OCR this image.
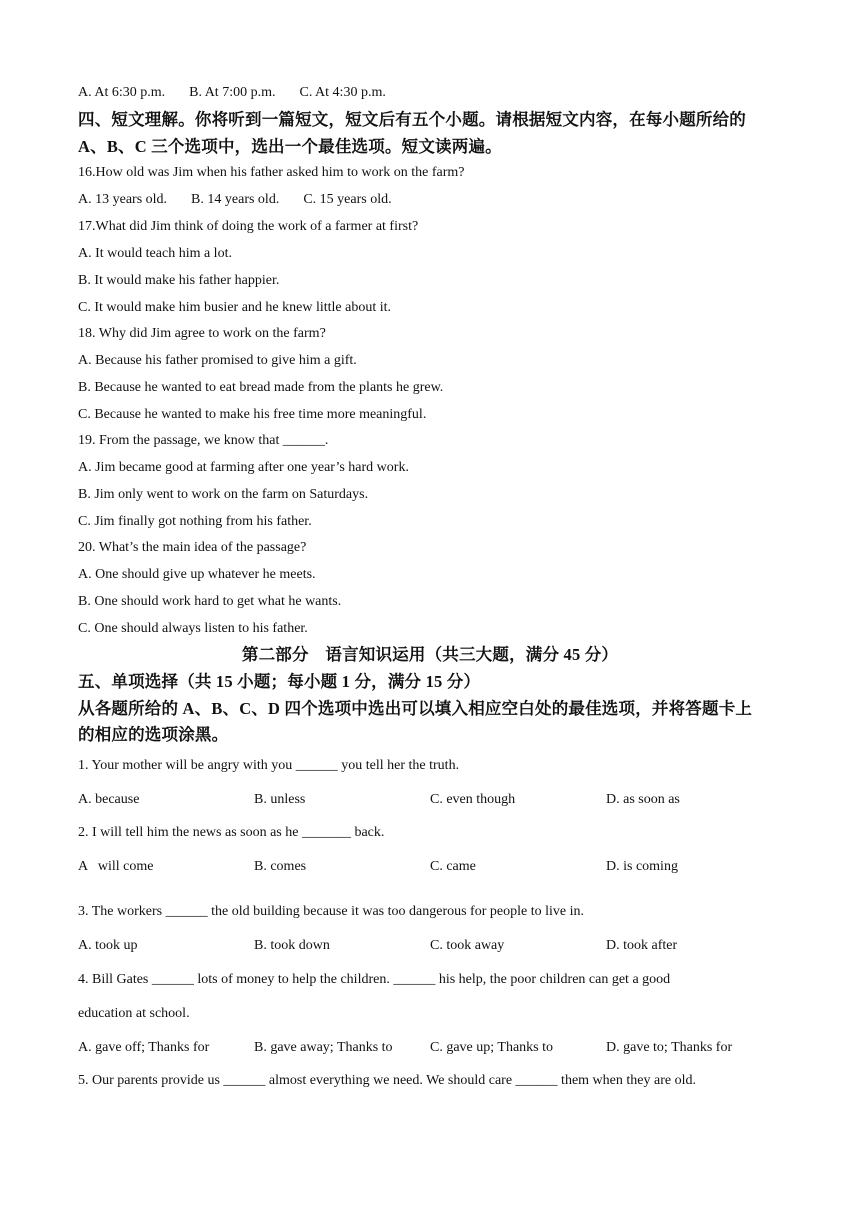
A. At 6:30 p.m. B. At 7:00 p.m. C. At 4:30 p.m.
四、短文理解。你将听到一篇短文，短文后有五个小题。请根据短文内容，在每小题所给的
A、B、C 三个选项中，选出一个最佳选项。短文读两遍。
16.How old was Jim when his father asked him to work on the farm?
A. 13 years old. B. 14 years old. C. 15 years old.
17.What did Jim think of doing the work of a farmer at first?
A. It would teach him a lot.
B. It would make his father happier.
C. It would make him busier and he knew little about it.
18. Why did Jim agree to work on the farm?
A. Because his father promised to give him a gift.
B. Because he wanted to eat bread made from the plants he grew.
C. Because he wanted to make his free time more meaningful.
19. From the passage, we know that ______.
A. Jim became good at farming after one year’s hard work.
B. Jim only went to work on the farm on Saturdays.
C. Jim finally got nothing from his father.
20. What’s the main idea of the passage?
A. One should give up whatever he meets.
B. One should work hard to get what he wants.
C. One should always listen to his father.
第二部分　语言知识运用（共三大题，满分 45 分）
五、单项选择（共 15 小题；每小题 1 分，满分 15 分）
从各题所给的 A、B、C、D 四个选项中选出可以填入相应空白处的最佳选项，并将答题卡上
的相应的选项涂黑。
1. Your mother will be angry with you ______ you tell her the truth.
A. because	B. unless	C. even though	D. as soon as
2. I will tell him the news as soon as he _______ back.
A   will come	B. comes	C. came	D. is coming
3. The workers ______ the old building because it was too dangerous for people to live in.
A. took up	B. took down	C. took away	D. took after
4. Bill Gates ______ lots of money to help the children. ______ his help, the poor children can get a good
education at school.
A. gave off; Thanks for	B. gave away; Thanks to	C. gave up; Thanks to	D. gave to; Thanks for
5. Our parents provide us ______ almost everything we need. We should care ______ them when they are old.
